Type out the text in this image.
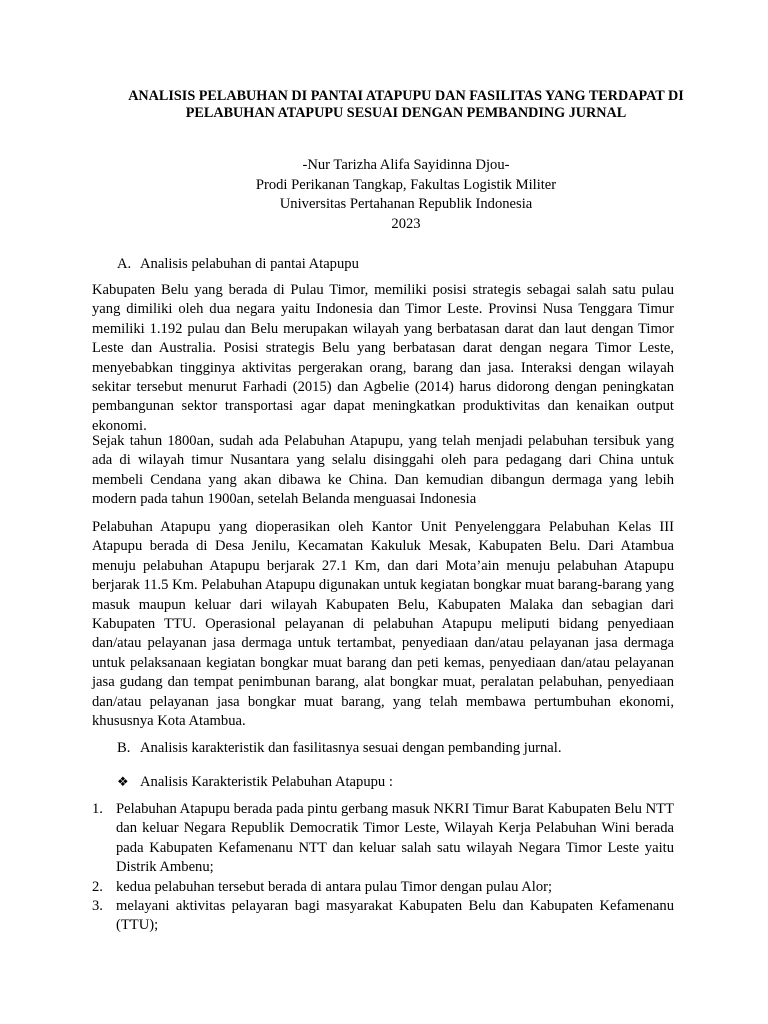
ANALISIS PELABUHAN DI PANTAI ATAPUPU DAN FASILITAS YANG TERDAPAT DI PELABUHAN ATAPUPU SESUAI DENGAN PEMBANDING JURNAL
-Nur Tarizha Alifa Sayidinna Djou-
Prodi Perikanan Tangkap, Fakultas Logistik Militer
Universitas Pertahanan Republik Indonesia
2023

A. Analisis pelabuhan di pantai Atapupu

Kabupaten Belu yang berada di Pulau Timor, memiliki posisi strategis sebagai salah satu pulau yang dimiliki oleh dua negara yaitu Indonesia dan Timor Leste. Provinsi Nusa Tenggara Timur memiliki 1.192 pulau dan Belu merupakan wilayah yang berbatasan darat dan laut dengan Timor Leste dan Australia. Posisi strategis Belu yang berbatasan darat dengan negara Timor Leste, menyebabkan tingginya aktivitas pergerakan orang, barang dan jasa. Interaksi dengan wilayah sekitar tersebut menurut Farhadi (2015) dan Agbelie (2014) harus didorong dengan peningkatan pembangunan sektor transportasi agar dapat meningkatkan produktivitas dan kenaikan output ekonomi.

Sejak tahun 1800an, sudah ada Pelabuhan Atapupu, yang telah menjadi pelabuhan tersibuk yang ada di wilayah timur Nusantara yang selalu disinggahi oleh para pedagang dari China untuk membeli Cendana yang akan dibawa ke China. Dan kemudian dibangun dermaga yang lebih modern pada tahun 1900an, setelah Belanda menguasai Indonesia

Pelabuhan Atapupu yang dioperasikan oleh Kantor Unit Penyelenggara Pelabuhan Kelas III Atapupu berada di Desa Jenilu, Kecamatan Kakuluk Mesak, Kabupaten Belu. Dari Atambua menuju pelabuhan Atapupu berjarak 27.1 Km, dan dari Mota’ain menuju pelabuhan Atapupu berjarak 11.5 Km. Pelabuhan Atapupu digunakan untuk kegiatan bongkar muat barang-barang yang masuk maupun keluar dari wilayah Kabupaten Belu, Kabupaten Malaka dan sebagian dari Kabupaten TTU. Operasional pelayanan di pelabuhan Atapupu meliputi bidang penyediaan dan/atau pelayanan jasa dermaga untuk tertambat, penyediaan dan/atau pelayanan jasa dermaga untuk pelaksanaan kegiatan bongkar muat barang dan peti kemas, penyediaan dan/atau pelayanan jasa gudang dan tempat penimbunan barang, alat bongkar muat, peralatan pelabuhan, penyediaan dan/atau pelayanan jasa bongkar muat barang, yang telah membawa pertumbuhan ekonomi, khususnya Kota Atambua.

B. Analisis karakteristik dan fasilitasnya sesuai dengan pembanding jurnal.

❖ Analisis Karakteristik Pelabuhan Atapupu :

1. Pelabuhan Atapupu berada pada pintu gerbang masuk NKRI Timur Barat Kabupaten Belu NTT dan keluar Negara Republik Democratik Timor Leste, Wilayah Kerja Pelabuhan Wini berada pada Kabupaten Kefamenanu NTT dan keluar salah satu wilayah Negara Timor Leste yaitu Distrik Ambenu;
2. kedua pelabuhan tersebut berada di antara pulau Timor dengan pulau Alor;
3. melayani aktivitas pelayaran bagi masyarakat Kabupaten Belu dan Kabupaten Kefamenanu (TTU);
